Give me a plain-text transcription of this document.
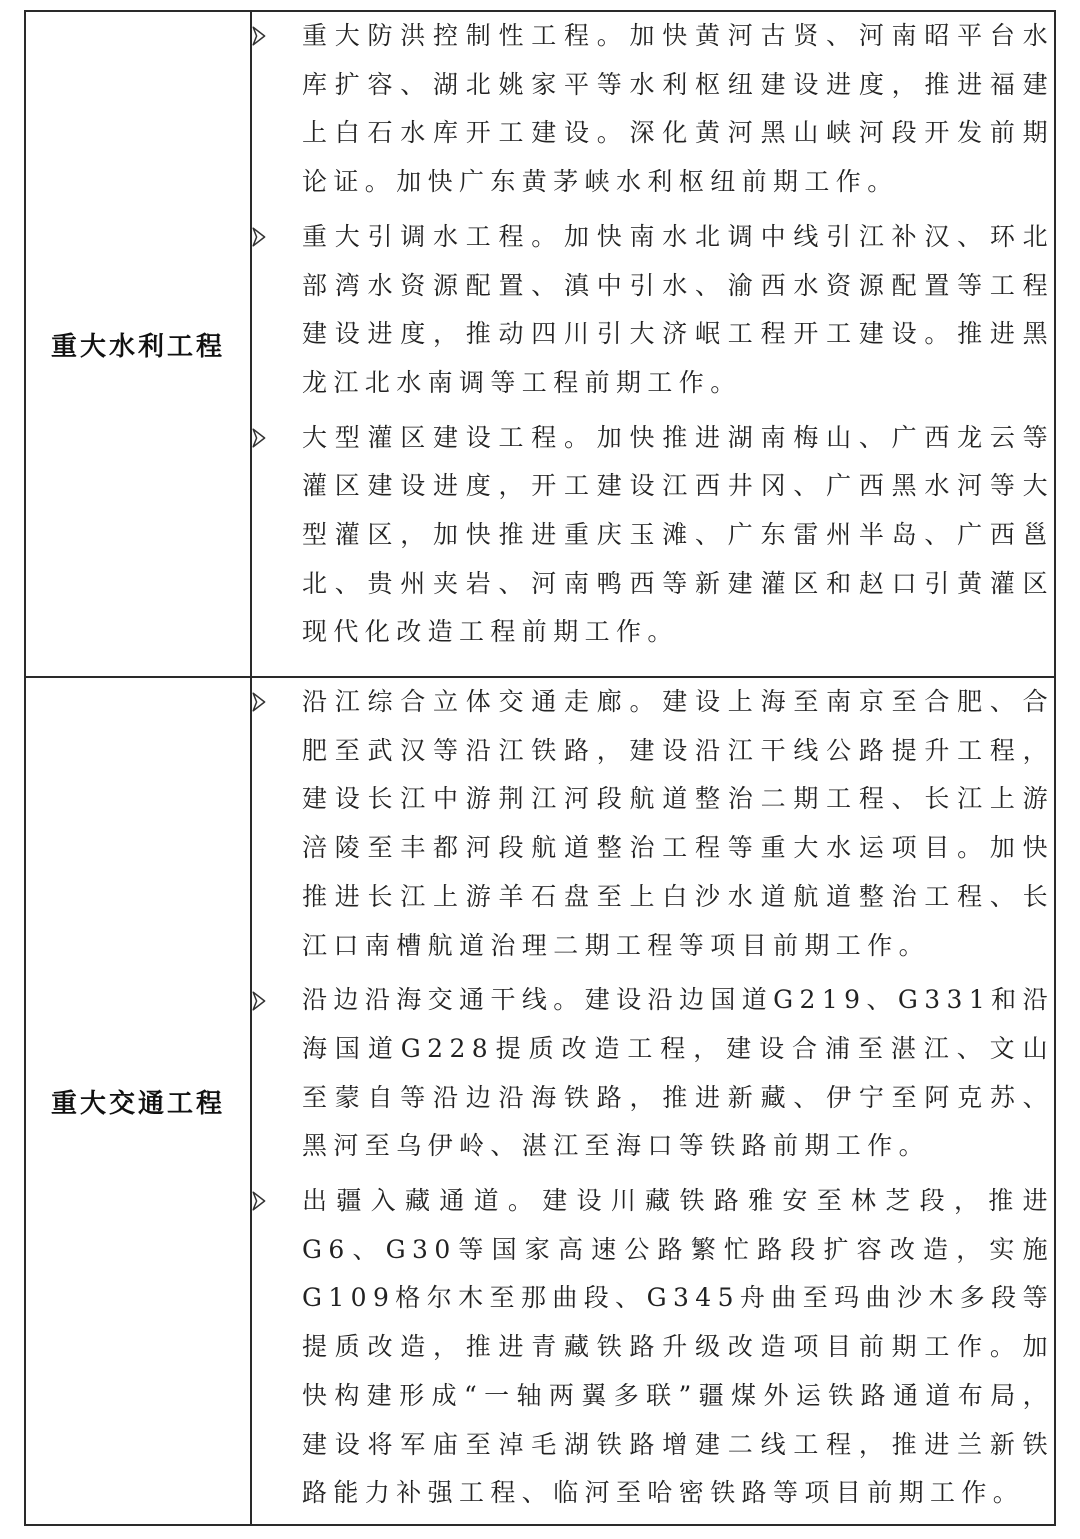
重大水利工程	重大防洪控制性工程。加快黄河古贤、河南昭平台水库扩容、湖北姚家平等水利枢纽建设进度，推进福建上白石水库开工建设。深化黄河黑山峡河段开发前期论证。加快广东黄茅峡水利枢纽前期工作。
重大引调水工程。加快南水北调中线引江补汉、环北部湾水资源配置、滇中引水、渝西水资源配置等工程建设进度，推动四川引大济岷工程开工建设。推进黑龙江北水南调等工程前期工作。
大型灌区建设工程。加快推进湖南梅山、广西龙云等灌区建设进度，开工建设江西井冈、广西黑水河等大型灌区，加快推进重庆玉滩、广东雷州半岛、广西邕北、贵州夹岩、河南鸭西等新建灌区和赵口引黄灌区现代化改造工程前期工作。

重大交通工程	沿江综合立体交通走廊。建设上海至南京至合肥、合肥至武汉等沿江铁路，建设沿江干线公路提升工程，建设长江中游荆江河段航道整治二期工程、长江上游涪陵至丰都河段航道整治工程等重大水运项目。加快推进长江上游羊石盘至上白沙水道航道整治工程、长江口南槽航道治理二期工程等项目前期工作。
沿边沿海交通干线。建设沿边国道G219、G331和沿海国道G228提质改造工程，建设合浦至湛江、文山至蒙自等沿边沿海铁路，推进新藏、伊宁至阿克苏、黑河至乌伊岭、湛江至海口等铁路前期工作。
出疆入藏通道。建设川藏铁路雅安至林芝段，推进G6、G30等国家高速公路繁忙路段扩容改造，实施G109格尔木至那曲段、G345舟曲至玛曲沙木多段等提质改造，推进青藏铁路升级改造项目前期工作。加快构建形成“一轴两翼多联”疆煤外运铁路通道布局，建设将军庙至淖毛湖铁路增建二线工程，推进兰新铁路能力补强工程、临河至哈密铁路等项目前期工作。
